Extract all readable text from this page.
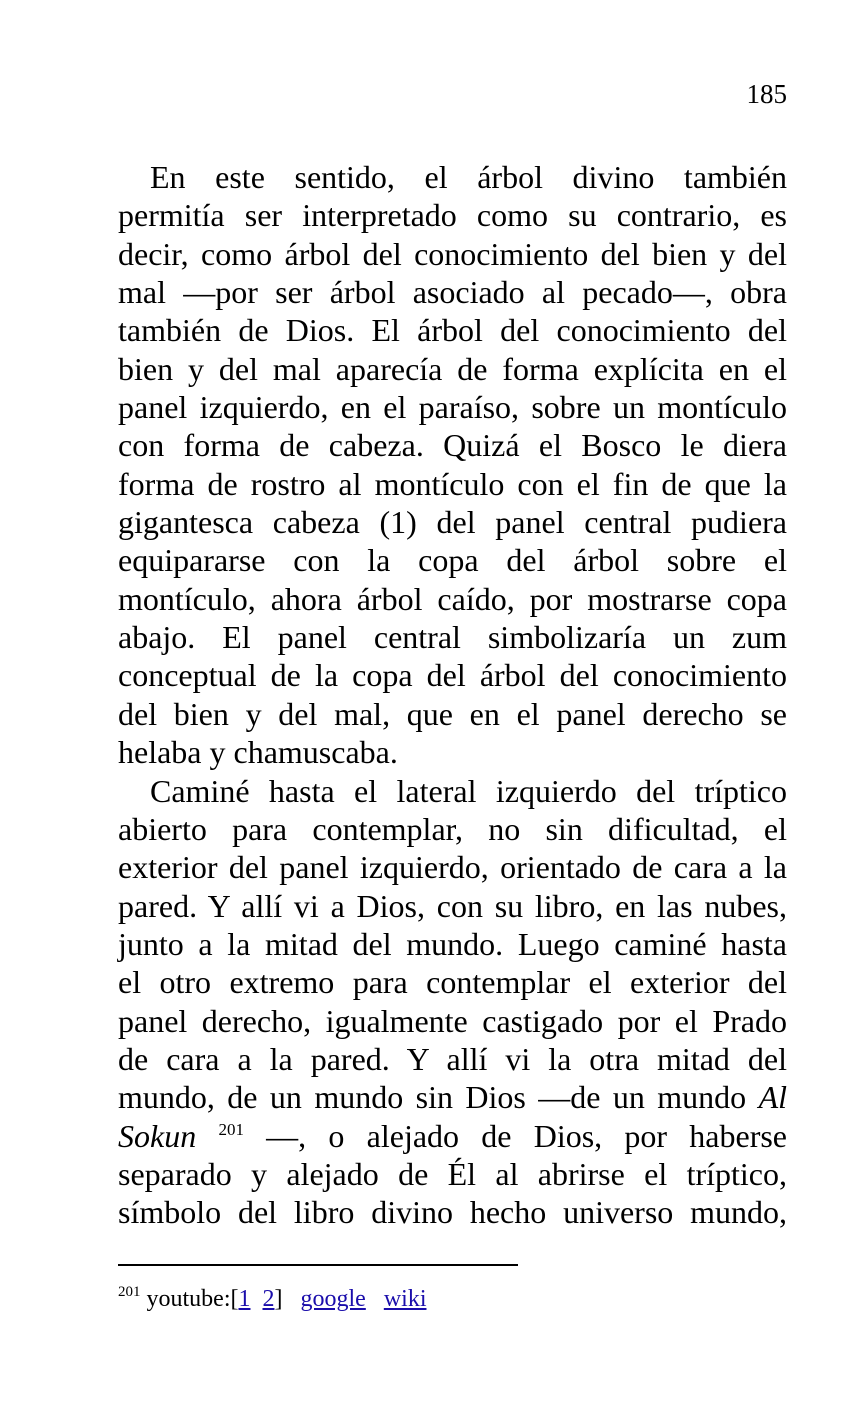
185
En este sentido, el árbol divino también
permitía ser interpretado como su contrario, es
decir, como árbol del conocimiento del bien y del
mal —por ser árbol asociado al pecado—, obra
también de Dios. El árbol del conocimiento del
bien y del mal aparecía de forma explícita en el
panel izquierdo, en el paraíso, sobre un montículo
con forma de cabeza. Quizá el Bosco le diera
forma de rostro al montículo con el fin de que la
gigantesca cabeza (1) del panel central pudiera
equipararse con la copa del árbol sobre el
montículo, ahora árbol caído, por mostrarse copa
abajo. El panel central simbolizaría un zum
conceptual de la copa del árbol del conocimiento
del bien y del mal, que en el panel derecho se
helaba y chamuscaba.
Caminé hasta el lateral izquierdo del tríptico
abierto para contemplar, no sin dificultad, el
exterior del panel izquierdo, orientado de cara a la
pared. Y allí vi a Dios, con su libro, en las nubes,
junto a la mitad del mundo. Luego caminé hasta
el otro extremo para contemplar el exterior del
panel derecho, igualmente castigado por el Prado
de cara a la pared. Y allí vi la otra mitad del
mundo, de un mundo sin Dios —de un mundo Al
Sokun $^{201}$ —, o alejado de Dios, por haberse
separado y alejado de Él al abrirse el tríptico,
símbolo del libro divino hecho universo mundo,
$^{201}$ youtube:[1 2] google wiki
